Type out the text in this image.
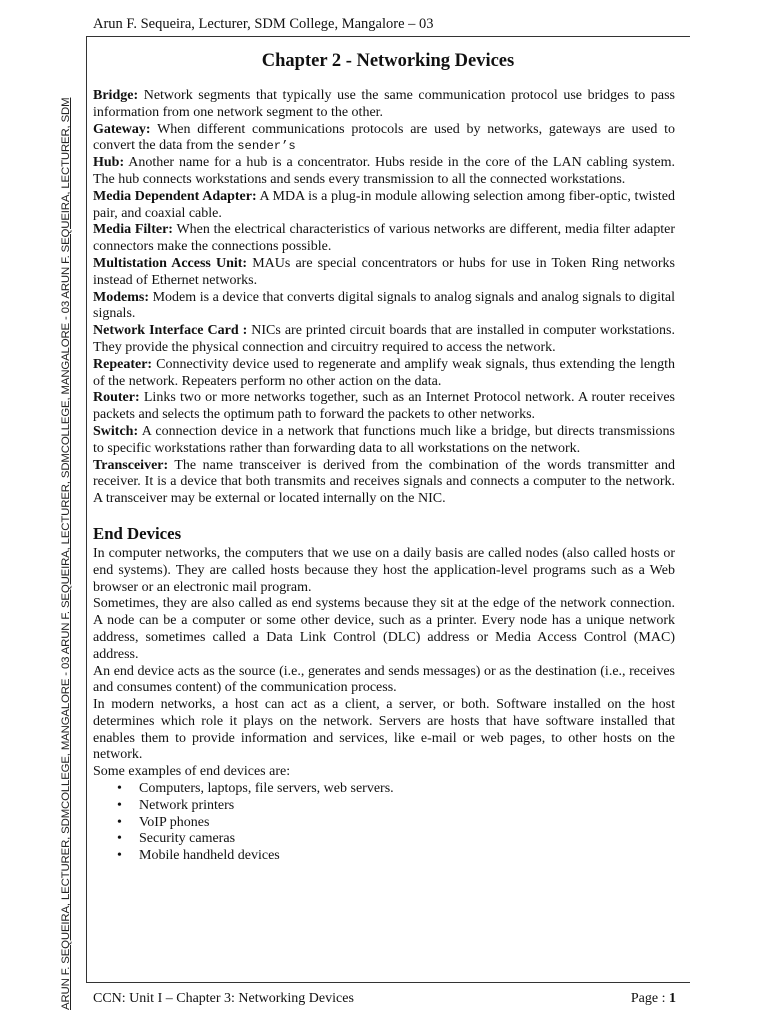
ARUN F. SEQUEIRA, LECTURER, SDMCOLLEGE, MANGALORE - 03 ARUN F. SEQUEIRA, LECTURER, SDMCOLLEGE, MANGALORE - 03 ARUN F. SEQUEIRA, LECTURER, SDM
Arun F. Sequeira, Lecturer, SDM College, Mangalore – 03
Chapter 2 - Networking Devices

Bridge: Network segments that typically use the same communication protocol use bridges to pass information from one network segment to the other.

Gateway: When different communications protocols are used by networks, gateways are used to convert the data from the sender’s

Hub: Another name for a hub is a concentrator. Hubs reside in the core of the LAN cabling system. The hub connects workstations and sends every transmission to all the connected workstations.

Media Dependent Adapter: A MDA is a plug-in module allowing selection among fiber-optic, twisted pair, and coaxial cable.

Media Filter: When the electrical characteristics of various networks are different, media filter adapter connectors make the connections possible.

Multistation Access Unit: MAUs are special concentrators or hubs for use in Token Ring networks instead of Ethernet networks.

Modems: Modem is a device that converts digital signals to analog signals and analog signals to digital signals.

Network Interface Card : NICs are printed circuit boards that are installed in computer workstations. They provide the physical connection and circuitry required to access the network.

Repeater: Connectivity device used to regenerate and amplify weak signals, thus extending the length of the network. Repeaters perform no other action on the data.

Router: Links two or more networks together, such as an Internet Protocol network. A router receives packets and selects the optimum path to forward the packets to other networks.

Switch: A connection device in a network that functions much like a bridge, but directs transmissions to specific workstations rather than forwarding data to all workstations on the network.

Transceiver: The name transceiver is derived from the combination of the words transmitter and receiver. It is a device that both transmits and receives signals and connects a computer to the network. A transceiver may be external or located internally on the NIC.

End Devices

In computer networks, the computers that we use on a daily basis are called nodes (also called hosts or end systems). They are called hosts because they host the application-level programs such as a Web browser or an electronic mail program.

Sometimes, they are also called as end systems because they sit at the edge of the network connection. A node can be a computer or some other device, such as a printer. Every node has a unique network address, sometimes called a Data Link Control (DLC) address or Media Access Control (MAC) address.

An end device acts as the source (i.e., generates and sends messages) or as the destination (i.e., receives and consumes content) of the communication process.

In modern networks, a host can act as a client, a server, or both. Software installed on the host determines which role it plays on the network. Servers are hosts that have software installed that enables them to provide information and services, like e-mail or web pages, to other hosts on the network.

Some examples of end devices are:

• Computers, laptops, file servers, web servers.
• Network printers
• VoIP phones
• Security cameras
• Mobile handheld devices
CCN: Unit I – Chapter 3: Networking Devices	Page : 1
